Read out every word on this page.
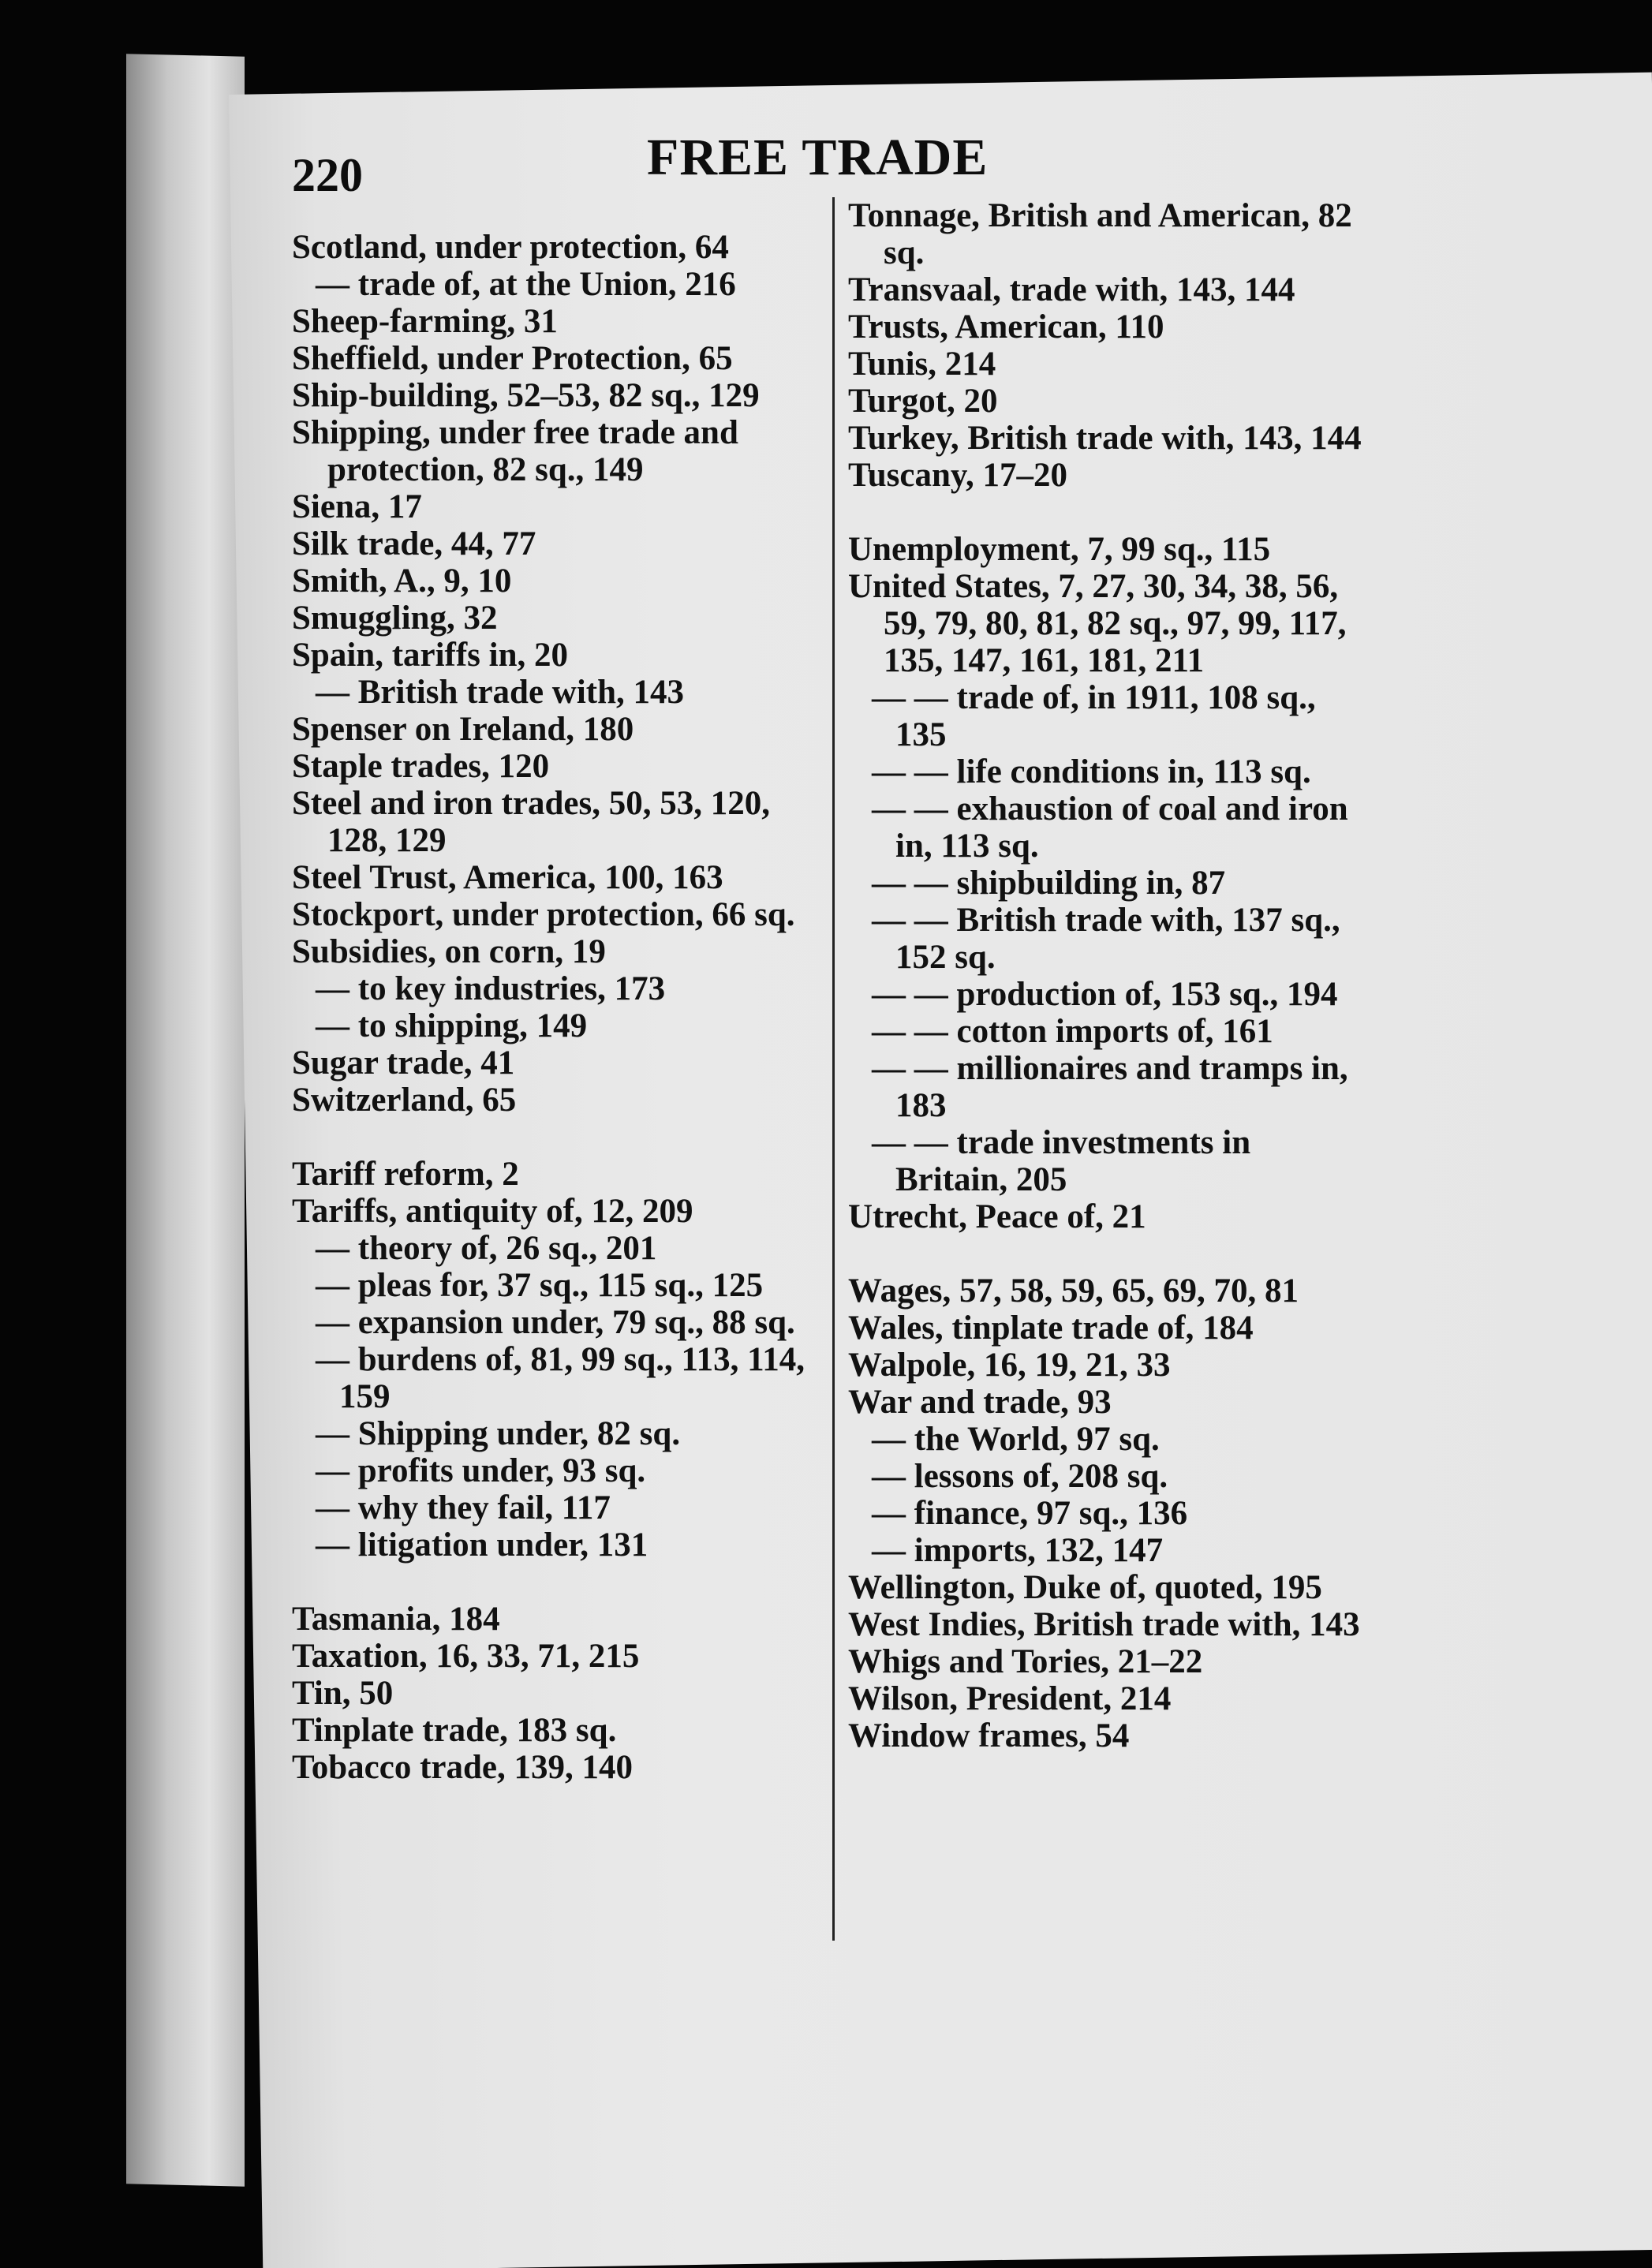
220	FREE TRADE

Scotland, under protection, 64

— trade of, at the Union, 216

Sheep-farming, 31

Sheffield, under Protection, 65

Ship-building, 52–53, 82 sq., 129

Shipping, under free trade and protection, 82 sq., 149

Siena, 17

Silk trade, 44, 77

Smith, A., 9, 10

Smuggling, 32

Spain, tariffs in, 20

— British trade with, 143

Spenser on Ireland, 180

Staple trades, 120

Steel and iron trades, 50, 53, 120, 128, 129

Steel Trust, America, 100, 163

Stockport, under protection, 66 sq.

Subsidies, on corn, 19

— to key industries, 173

— to shipping, 149

Sugar trade, 41

Switzerland, 65

Tariff reform, 2

Tariffs, antiquity of, 12, 209

— theory of, 26 sq., 201

— pleas for, 37 sq., 115 sq., 125

— expansion under, 79 sq., 88 sq.

— burdens of, 81, 99 sq., 113, 114, 159

— Shipping under, 82 sq.

— profits under, 93 sq.

— why they fail, 117

— litigation under, 131

Tasmania, 184

Taxation, 16, 33, 71, 215

Tin, 50

Tinplate trade, 183 sq.

Tobacco trade, 139, 140

Tonnage, British and American, 82 sq.

Transvaal, trade with, 143, 144

Trusts, American, 110

Tunis, 214

Turgot, 20

Turkey, British trade with, 143, 144

Tuscany, 17–20

Unemployment, 7, 99 sq., 115

United States, 7, 27, 30, 34, 38, 56, 59, 79, 80, 81, 82 sq., 97, 99, 117, 135, 147, 161, 181, 211

— — trade of, in 1911, 108 sq., 135

— — life conditions in, 113 sq.

— — exhaustion of coal and iron in, 113 sq.

— — shipbuilding in, 87

— — British trade with, 137 sq., 152 sq.

— — production of, 153 sq., 194

— — cotton imports of, 161

— — millionaires and tramps in, 183

— — trade investments in Britain, 205

Utrecht, Peace of, 21

Wages, 57, 58, 59, 65, 69, 70, 81

Wales, tinplate trade of, 184

Walpole, 16, 19, 21, 33

War and trade, 93

— the World, 97 sq.

— lessons of, 208 sq.

— finance, 97 sq., 136

— imports, 132, 147

Wellington, Duke of, quoted, 195

West Indies, British trade with, 143

Whigs and Tories, 21–22

Wilson, President, 214

Window frames, 54
